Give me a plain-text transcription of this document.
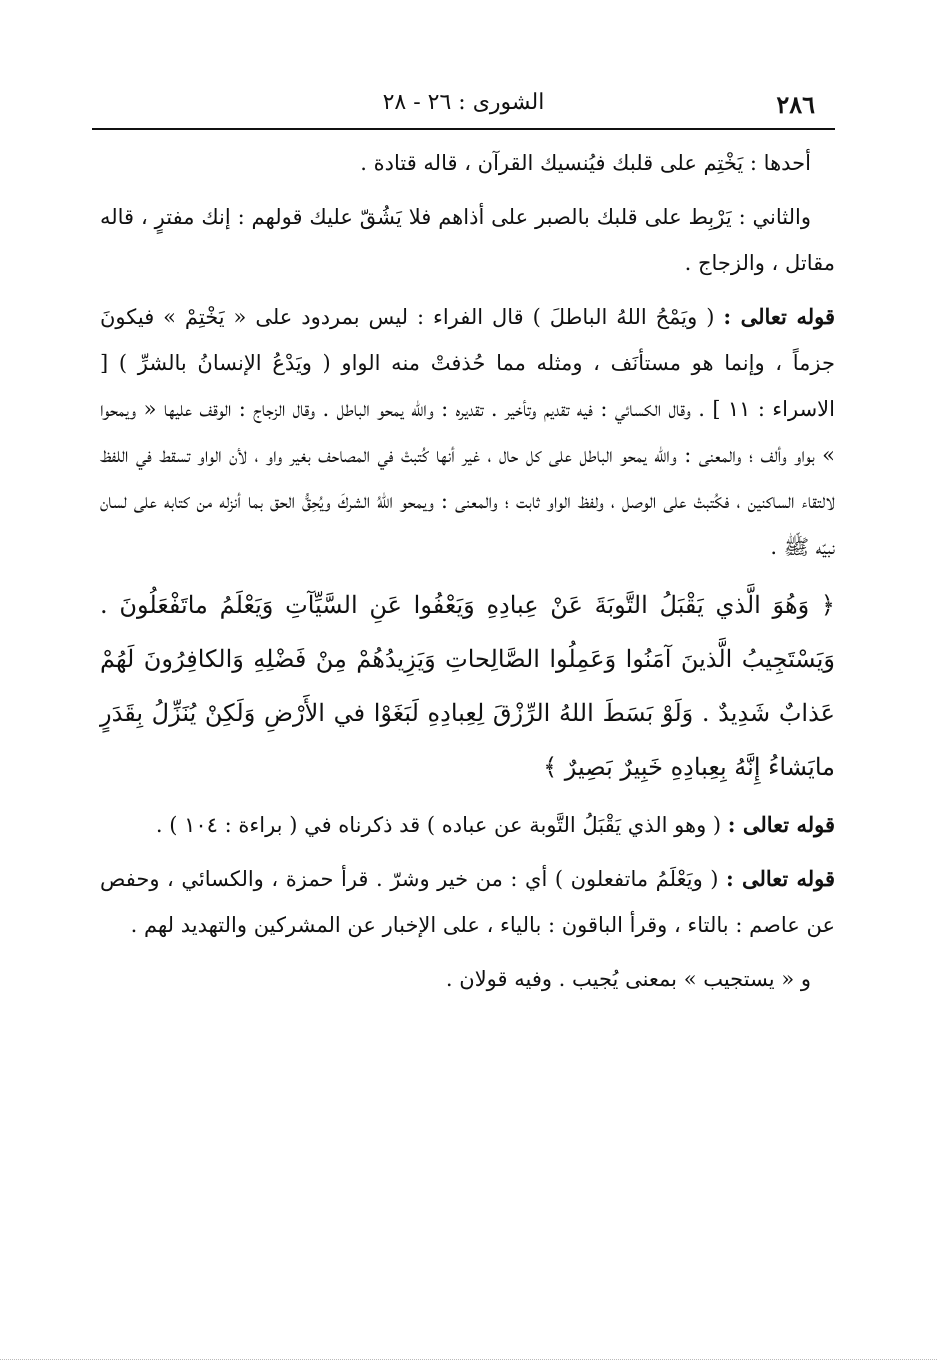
٢٨٦
الشورى : ٢٦ - ٢٨

أحدها : يَخْتِم على قلبك فيُنسيك القرآن ، قاله قتادة .

والثاني : يَرْبِط على قلبك بالصبر على أذاهم فلا يَشُقّ عليك قولهم : إنك مفترٍ ، قاله مقاتل ، والزجاج .

قوله تعالى : ( ويَمْحُ اللهُ الباطلَ ) قال الفراء : ليس بمردود على « يَخْتِمْ » فيكونَ جزماً ، وإنما هو مستأنَف ، ومثله مما حُذفتْ منه الواو ( ويَدْعُ الإنسانُ بالشرِّ ) [ الاسراء : ١١ ] . وقال الكسائي : فيه تقديم وتأخير . تقديره : والله يمحو الباطل . وقال الزجاج : الوقف عليها « ويمحوا » بواو وألف ؛ والمعنى : والله يمحو الباطل على كل حال ، غير أنها كُتبتْ في المصاحف بغير واو ، لأن الواو تسقط في اللفظ لالتقاء الساكنين ، فكُتبتْ على الوصل ، ولفظ الواو ثابت ؛ والمعنى : ويمحو اللهُ الشركَ ويُحِقُّ الحق بما أنزله من كتابه على لسان نبيّه ﷺ .

﴿ وَهُوَ الَّذي يَقْبَلُ التَّوبَةَ عَنْ عِبادِهِ وَيَعْفُوا عَنِ السَّيِّآتِ وَيَعْلَمُ ماتَفْعَلُونَ . وَيَسْتَجِيبُ الَّذينَ آمَنُوا وَعَمِلُوا الصَّالِحاتِ وَيَزِيدُهُمْ مِنْ فَضْلِهِ وَالكافِرُونَ لَهُمْ عَذابٌ شَدِيدٌ . وَلَوْ بَسَطَ اللهُ الرِّزْقَ لِعِبادِهِ لَبَغَوْا في الأَرْضِ وَلَكِنْ يُنَزِّلُ بِقَدَرٍ مايَشاءُ إِنَّهُ بِعِبادِهِ خَبِيرٌ بَصِيرٌ ﴾

قوله تعالى : ( وهو الذي يَقْبَلُ التَّوبة عن عباده ) قد ذكرناه في ( براءة : ١٠٤ ) .

قوله تعالى : ( ويَعْلَمُ ماتفعلون ) أي : من خير وشرّ . قرأ حمزة ، والكسائي ، وحفص عن عاصم : بالتاء ، وقرأ الباقون : بالياء ، على الإخبار عن المشركين والتهديد لهم .

و « يستجيب » بمعنى يُجيب . وفيه قولان .
